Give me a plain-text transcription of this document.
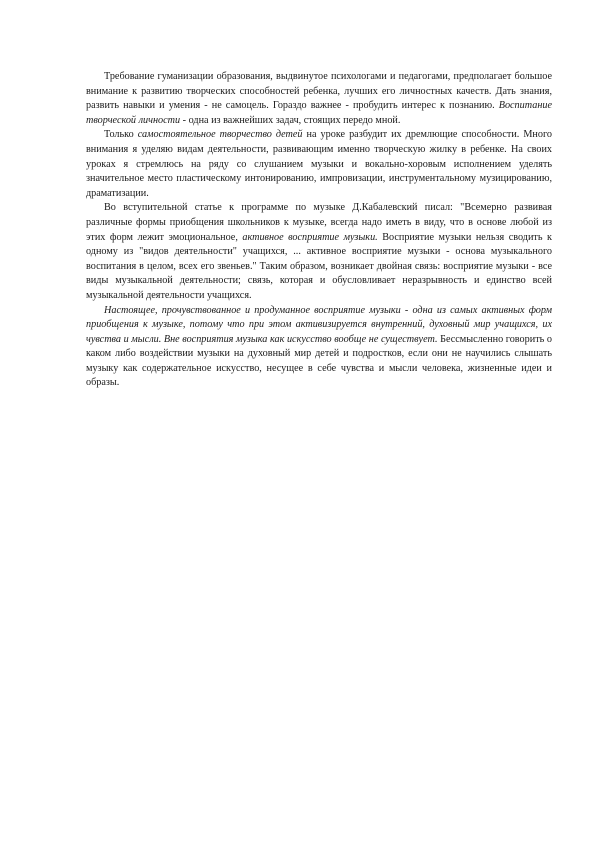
Требование гуманизации образования, выдвинутое психологами и педагогами, предполагает большое внимание к развитию творческих способностей ребенка, лучших его личностных качеств. Дать знания, развить навыки и умения - не самоцель. Гораздо важнее - пробудить интерес к познанию. Воспитание творческой личности - одна из важнейших задач, стоящих передо мной.

Только самостоятельное творчество детей на уроке разбудит их дремлющие способности. Много внимания я уделяю видам деятельности, развивающим именно творческую жилку в ребенке. На своих уроках я стремлюсь на ряду со слушанием музыки и вокально-хоровым исполнением уделять значительное место пластическому интонированию, импровизации, инструментальному музицированию, драматизации.

Во вступительной статье к программе по музыке Д.Кабалевский писал: "Всемерно развивая различные формы приобщения школьников к музыке, всегда надо иметь в виду, что в основе любой из этих форм лежит эмоциональное, активное восприятие музыки. Восприятие музыки нельзя сводить к одному из "видов деятельности" учащихся, ... активное восприятие музыки - основа музыкального воспитания в целом, всех его звеньев." Таким образом, возникает двойная связь: восприятие музыки - все виды музыкальной деятельности; связь, которая и обусловливает неразрывность и единство всей музыкальной деятельности учащихся.

Настоящее, прочувствованное и продуманное восприятие музыки - одна из самых активных форм приобщения к музыке, потому что при этом активизируется внутренний, духовный мир учащихся, их чувства и мысли. Вне восприятия музыка как искусство вообще не существует. Бессмысленно говорить о каком либо воздействии музыки на духовный мир детей и подростков, если они не научились слышать музыку как содержательное искусство, несущее в себе чувства и мысли человека, жизненные идеи и образы.
